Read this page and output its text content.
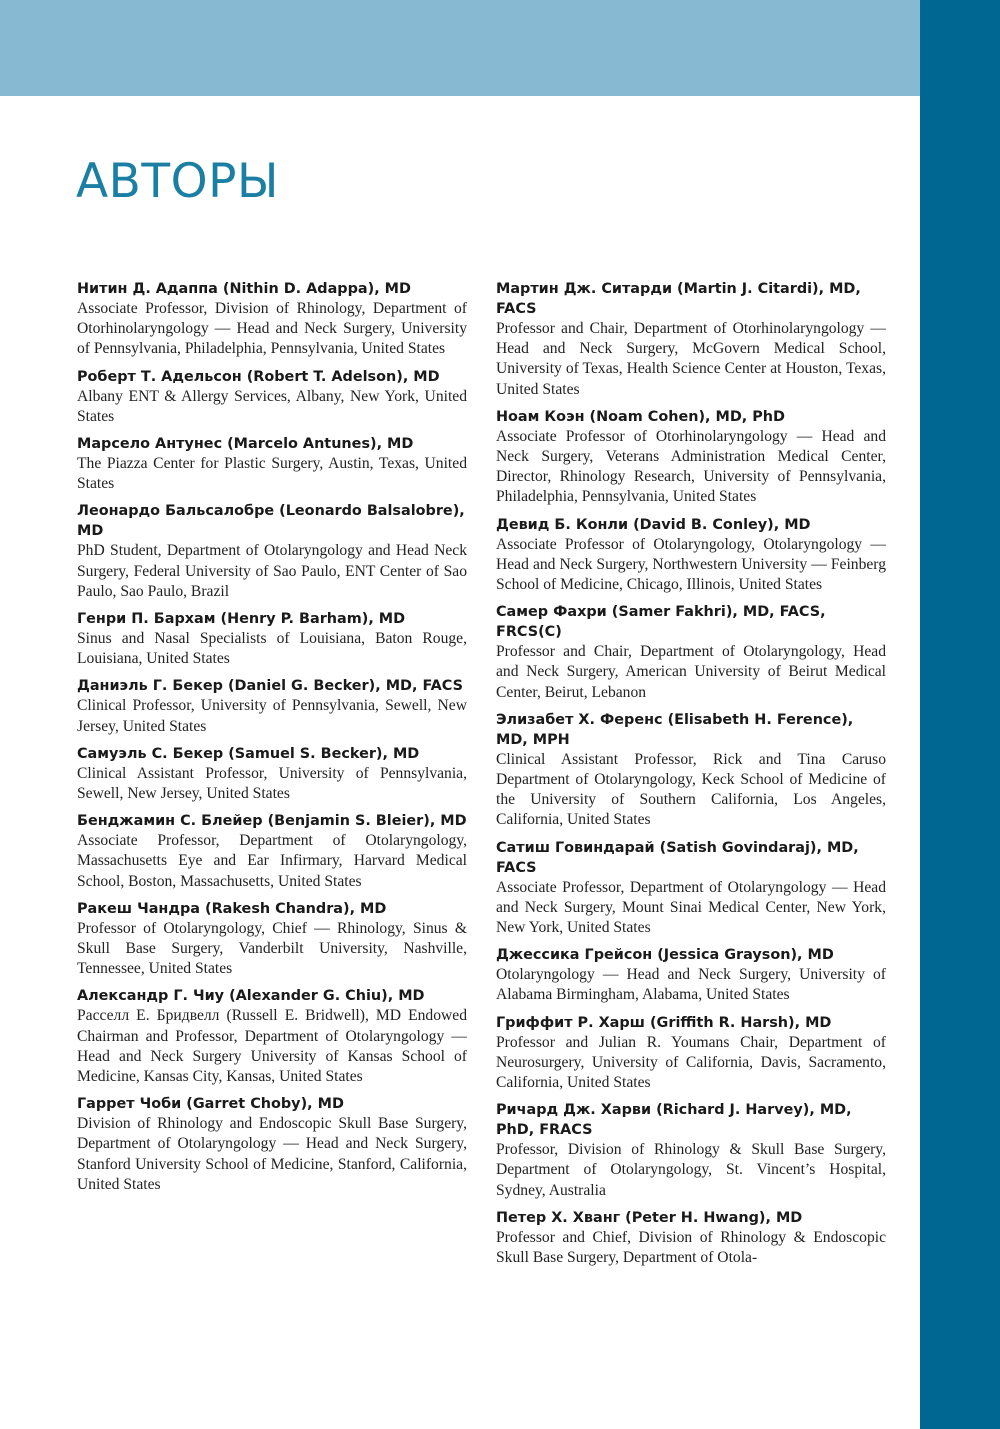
АВТОРЫ
Нитин Д. Адаппа (Nithin D. Adappa), MD
Associate Professor, Division of Rhinology, Department of Otorhinolaryngology — Head and Neck Surgery, University of Pennsylvania, Philadelphia, Pennsylvania, United States
Роберт Т. Адельсон (Robert T. Adelson), MD
Albany ENT & Allergy Services, Albany, New York, United States
Марсело Антунес (Marcelo Antunes), MD
The Piazza Center for Plastic Surgery, Austin, Texas, United States
Леонардо Бальсалобре (Leonardo Balsalobre), MD
PhD Student, Department of Otolaryngology and Head Neck Surgery, Federal University of Sao Paulo, ENT Center of Sao Paulo, Sao Paulo, Brazil
Генри П. Бархам (Henry P. Barham), MD
Sinus and Nasal Specialists of Louisiana, Baton Rouge, Louisiana, United States
Даниэль Г. Бекер (Daniel G. Becker), MD, FACS
Clinical Professor, University of Pennsylvania, Sewell, New Jersey, United States
Самуэль С. Бекер (Samuel S. Becker), MD
Clinical Assistant Professor, University of Pennsylvania, Sewell, New Jersey, United States
Бенджамин С. Блейер (Benjamin S. Bleier), MD
Associate Professor, Department of Otolaryngology, Massachusetts Eye and Ear Infirmary, Harvard Medical School, Boston, Massachusetts, United States
Ракеш Чандра (Rakesh Chandra), MD
Professor of Otolaryngology, Chief — Rhinology, Sinus & Skull Base Surgery, Vanderbilt University, Nashville, Tennessee, United States
Александр Г. Чиу (Alexander G. Chiu), MD
Расселл Е. Бридвелл (Russell E. Bridwell), MD Endowed Chairman and Professor, Department of Otolaryngology — Head and Neck Surgery University of Kansas School of Medicine, Kansas City, Kansas, United States
Гаррет Чоби (Garret Choby), MD
Division of Rhinology and Endoscopic Skull Base Surgery, Department of Otolaryngology — Head and Neck Surgery, Stanford University School of Medicine, Stanford, California, United States
Мартин Дж. Ситарди (Martin J. Citardi), MD, FACS
Professor and Chair, Department of Otorhinolaryngology — Head and Neck Surgery, McGovern Medical School, University of Texas, Health Science Center at Houston, Texas, United States
Ноам Коэн (Noam Cohen), MD, PhD
Associate Professor of Otorhinolaryngology — Head and Neck Surgery, Veterans Administration Medical Center, Director, Rhinology Research, University of Pennsylvania, Philadelphia, Pennsylvania, United States
Девид Б. Конли (David B. Conley), MD
Associate Professor of Otolaryngology, Otolaryngology — Head and Neck Surgery, Northwestern University — Feinberg School of Medicine, Chicago, Illinois, United States
Самер Фахри (Samer Fakhri), MD, FACS, FRCS(C)
Professor and Chair, Department of Otolaryngology, Head and Neck Surgery, American University of Beirut Medical Center, Beirut, Lebanon
Элизабет Х. Ференс (Elisabeth H. Ference), MD, MPH
Clinical Assistant Professor, Rick and Tina Caruso Department of Otolaryngology, Keck School of Medicine of the University of Southern California, Los Angeles, California, United States
Сатиш Говиндарай (Satish Govindaraj), MD, FACS
Associate Professor, Department of Otolaryngology — Head and Neck Surgery, Mount Sinai Medical Center, New York, New York, United States
Джессика Грейсон (Jessica Grayson), MD
Otolaryngology — Head and Neck Surgery, University of Alabama Birmingham, Alabama, United States
Гриффит Р. Харш (Griffith R. Harsh), MD
Professor and Julian R. Youmans Chair, Department of Neurosurgery, University of California, Davis, Sacramento, California, United States
Ричард Дж. Харви (Richard J. Harvey), MD, PhD, FRACS
Professor, Division of Rhinology & Skull Base Surgery, Department of Otolaryngology, St. Vincent’s Hospital, Sydney, Australia
Петер Х. Хванг (Peter H. Hwang), MD
Professor and Chief, Division of Rhinology & Endoscopic Skull Base Surgery, Department of Otola-
